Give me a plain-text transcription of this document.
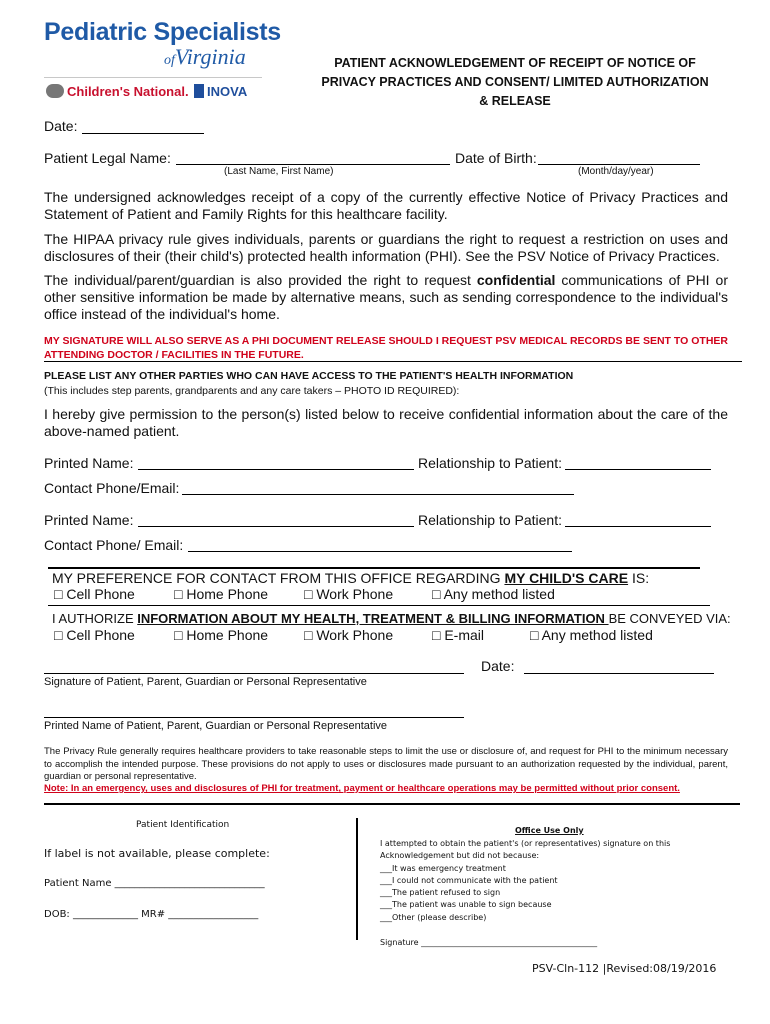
Pediatric Specialists
ofVirginia
Children's National.	INOVA
PATIENT ACKNOWLEDGEMENT OF RECEIPT OF NOTICE OF
PRIVACY PRACTICES AND CONSENT/ LIMITED AUTHORIZATION
& RELEASE
Date:
Patient Legal Name:	Date of Birth:
(Last Name, First Name)	(Month/day/year)
The undersigned acknowledges receipt of a copy of the currently effective Notice of Privacy Practices and Statement of Patient and Family Rights for this healthcare facility.
The HIPAA privacy rule gives individuals, parents or guardians the right to request a restriction on uses and disclosures of their (their child's) protected health information (PHI). See the PSV Notice of Privacy Practices.
The individual/parent/guardian is also provided the right to request confidential communications of PHI or other sensitive information be made by alternative means, such as sending correspondence to the individual's office instead of the individual's home.
MY SIGNATURE WILL ALSO SERVE AS A PHI DOCUMENT RELEASE SHOULD I REQUEST PSV MEDICAL RECORDS BE SENT TO OTHER ATTENDING DOCTOR / FACILITIES IN THE FUTURE.
PLEASE LIST ANY OTHER PARTIES WHO CAN HAVE ACCESS TO THE PATIENT'S HEALTH INFORMATION
(This includes step parents, grandparents and any care takers – PHOTO ID REQUIRED):
I hereby give permission to the person(s) listed below to receive confidential information about the care of the above-named patient.
Printed Name:	Relationship to Patient:
Contact Phone/Email:
Printed Name:	Relationship to Patient:
Contact Phone/ Email:
MY PREFERENCE FOR CONTACT FROM THIS OFFICE REGARDING MY CHILD'S CARE IS:
□ Cell Phone	□ Home Phone	□ Work Phone	□ Any method listed
I AUTHORIZE INFORMATION ABOUT MY HEALTH, TREATMENT & BILLING INFORMATION BE CONVEYED VIA:
□ Cell Phone	□ Home Phone	□ Work Phone	□ E-mail	□ Any method listed
Date:
Signature of Patient, Parent, Guardian or Personal Representative
Printed Name of Patient, Parent, Guardian or Personal Representative
The Privacy Rule generally requires healthcare providers to take reasonable steps to limit the use or disclosure of, and request for PHI to the minimum necessary to accomplish the intended purpose. These provisions do not apply to uses or disclosures made pursuant to an authorization requested by the individual, parent, guardian or personal representative.
Note: In an emergency, uses and disclosures of PHI for treatment, payment or healthcare operations may be permitted without prior consent.
Patient Identification
If label is not available, please complete:
Patient Name ______________________________
DOB: _____________ MR# __________________
Office Use Only
I attempted to obtain the patient's (or representatives) signature on this
Acknowledgement but did not because:
___It was emergency treatment
___I could not communicate with the patient
___The patient refused to sign
___The patient was unable to sign because
___Other (please describe)
Signature ____________________________________________
PSV-Cln-112 |Revised:08/19/2016
